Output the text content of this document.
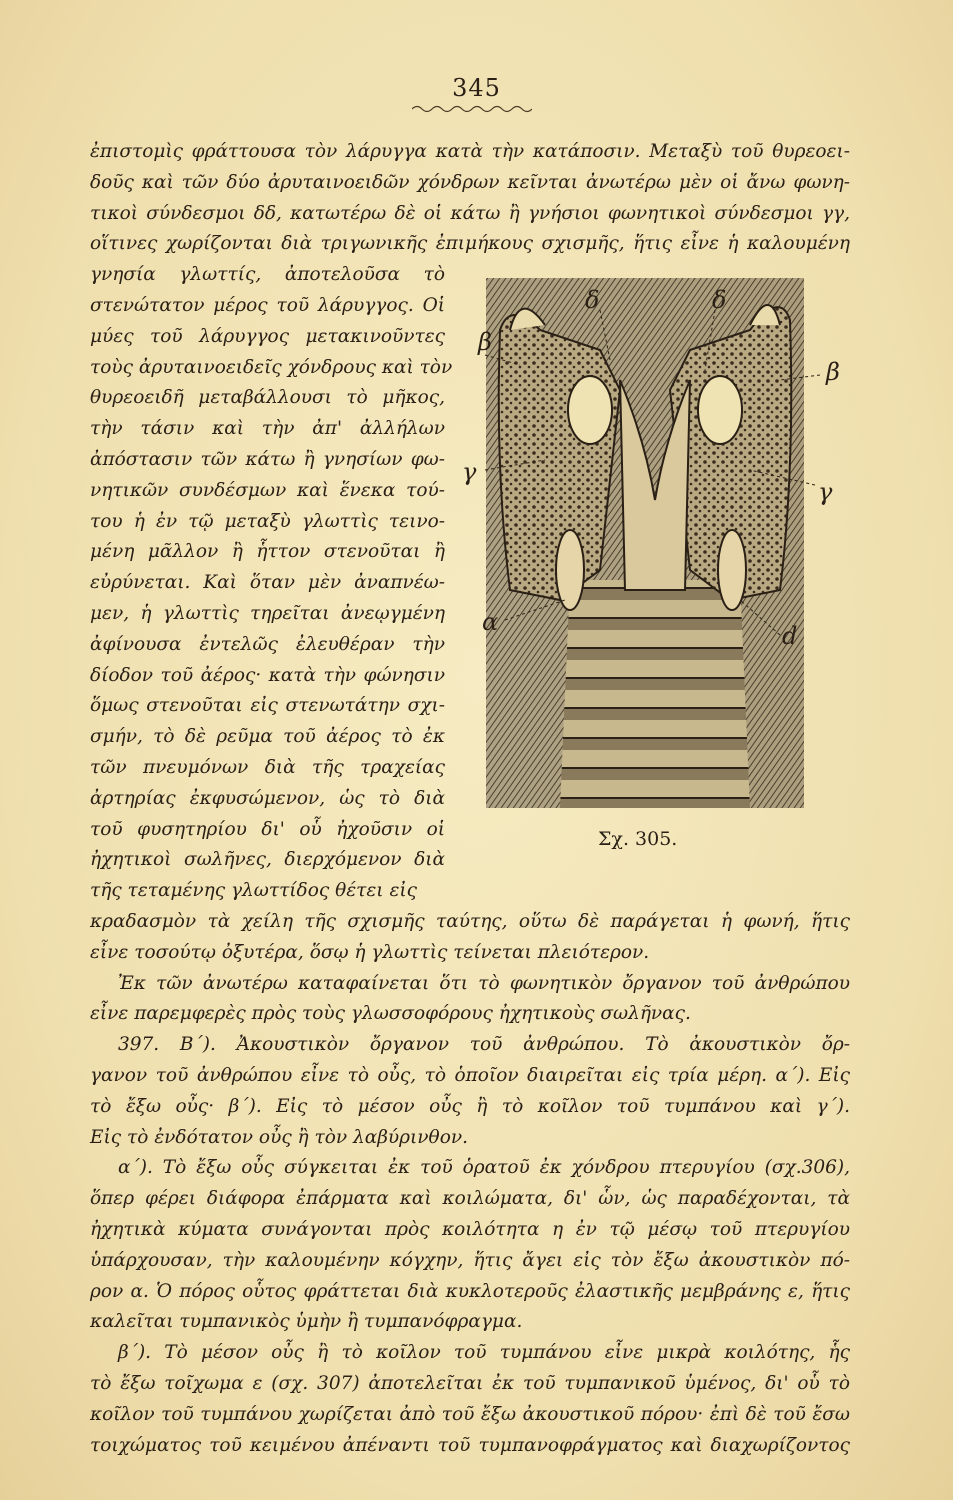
345
ἐπιστομὶς φράττουσα τὸν λάρυγγα κατὰ τὴν κατάποσιν. Μεταξὺ τοῦ θυρεοει-
δοῦς καὶ τῶν δύο ἀρυταινοειδῶν χόνδρων κεῖνται ἀνωτέρω μὲν οἱ ἄνω φωνη-
τικοὶ σύνδεσμοι δδ, κατωτέρω δὲ οἱ κάτω ἢ γνήσιοι φωνητικοὶ σύνδεσμοι γγ,
οἵτινες χωρίζονται διὰ τριγωνικῆς ἐπιμήκους σχισμῆς, ἥτις εἶνε ἡ καλουμένη
γνησία γλωττίς, ἀποτελοῦσα τὸ
στενώτατον μέρος τοῦ λάρυγγος. Οἱ
μύες τοῦ λάρυγγος μετακινοῦντες
τοὺς ἀρυταινοειδεῖς χόνδρους καὶ τὸν
θυρεοειδῆ μεταβάλλουσι τὸ μῆκος,
τὴν τάσιν καὶ τὴν ἀπ' ἀλλήλων
ἀπόστασιν τῶν κάτω ἢ γνησίων φω-
νητικῶν συνδέσμων καὶ ἕνεκα τού-
του ἡ ἐν τῷ μεταξὺ γλωττὶς τεινο-
μένη μᾶλλον ἢ ἧττον στενοῦται ἢ
εὐρύνεται. Καὶ ὅταν μὲν ἀναπνέω-
μεν, ἡ γλωττὶς τηρεῖται ἀνεῳγμένη
ἀφίνουσα ἐντελῶς ἐλευθέραν τὴν
δίοδον τοῦ ἀέρος· κατὰ τὴν φώνησιν
ὅμως στενοῦται εἰς στενωτάτην σχι-
σμήν, τὸ δὲ ρεῦμα τοῦ ἀέρος τὸ ἐκ
τῶν πνευμόνων διὰ τῆς τραχείας
ἀρτηρίας ἐκφυσώμενον, ὡς τὸ διὰ
τοῦ φυσητηρίου δι' οὗ ἠχοῦσιν οἱ
ἠχητικοὶ σωλῆνες, διερχόμενον διὰ
τῆς τεταμένης γλωττίδος θέτει εἰς
κραδασμὸν τὰ χείλη τῆς σχισμῆς ταύτης, οὕτω δὲ παράγεται ἡ φωνή, ἥτις
εἶνε τοσούτῳ ὀξυτέρα, ὅσῳ ἡ γλωττὶς τείνεται πλειότερον.
Ἐκ τῶν ἀνωτέρω καταφαίνεται ὅτι τὸ φωνητικὸν ὄργανον τοῦ ἀνθρώπου
εἶνε παρεμφερὲς πρὸς τοὺς γλωσσοφόρους ἠχητικοὺς σωλῆνας.
397. Β΄). Ἀκουστικὸν ὄργανον τοῦ ἀνθρώπου. Τὸ ἀκουστικὸν ὄρ-
γανον τοῦ ἀνθρώπου εἶνε τὸ οὖς, τὸ ὁποῖον διαιρεῖται εἰς τρία μέρη. α΄). Εἰς
τὸ ἔξω οὖς· β΄). Εἰς τὸ μέσον οὖς ἢ τὸ κοῖλον τοῦ τυμπάνου καὶ γ΄).
Εἰς τὸ ἐνδότατον οὖς ἢ τὸν λαβύρινθον.
α΄). Τὸ ἔξω οὖς σύγκειται ἐκ τοῦ ὁρατοῦ ἐκ χόνδρου πτερυγίου (σχ.306),
ὅπερ φέρει διάφορα ἐπάρματα καὶ κοιλώματα, δι' ὧν, ὡς παραδέχονται, τὰ
ἠχητικὰ κύματα συνάγονται πρὸς κοιλότητα η ἐν τῷ μέσῳ τοῦ πτερυγίου
ὑπάρχουσαν, τὴν καλουμένην κόγχην, ἥτις ἄγει εἰς τὸν ἔξω ἀκουστικὸν πό-
ρον α. Ὁ πόρος οὗτος φράττεται διὰ κυκλοτεροῦς ἐλαστικῆς μεμβράνης ε, ἥτις
καλεῖται τυμπανικὸς ὑμὴν ἢ τυμπανόφραγμα.
β΄). Τὸ μέσον οὖς ἢ τὸ κοῖλον τοῦ τυμπάνου εἶνε μικρὰ κοιλότης, ἧς
τὸ ἔξω τοῖχωμα ε (σχ. 307) ἀποτελεῖται ἐκ τοῦ τυμπανικοῦ ὑμένος, δι' οὗ τὸ
κοῖλον τοῦ τυμπάνου χωρίζεται ἀπὸ τοῦ ἔξω ἀκουστικοῦ πόρου· ἐπὶ δὲ τοῦ ἔσω
τοιχώματος τοῦ κειμένου ἀπέναντι τοῦ τυμπανοφράγματος καὶ διαχωρίζοντος
δ	δ
β
β
γ
γ
α	d
Σχ. 305.
